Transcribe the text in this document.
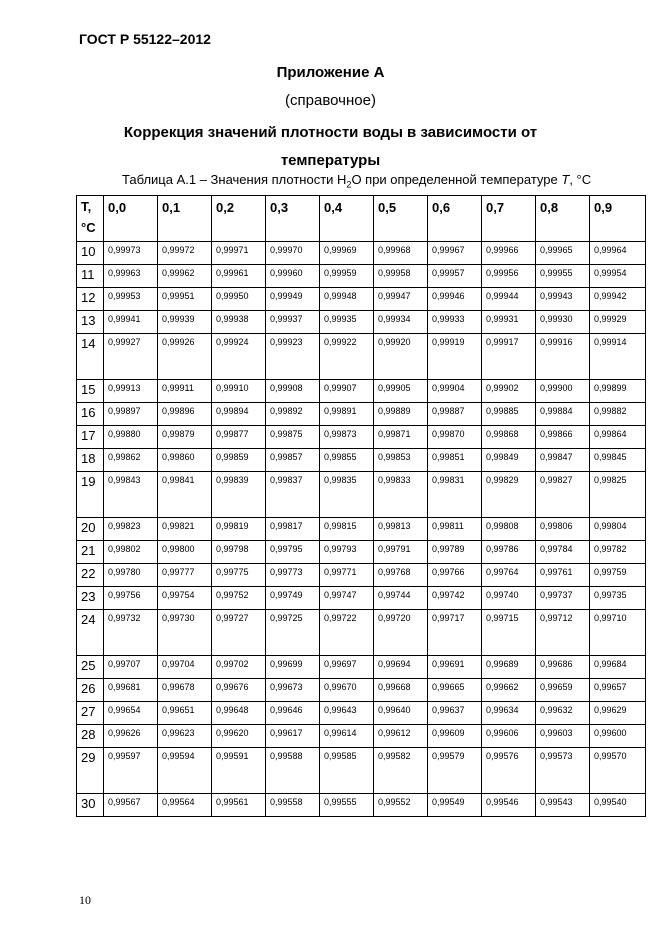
ГОСТ Р 55122–2012
Приложение А
(справочное)
Коррекция значений плотности воды в зависимости от
температуры
Таблица А.1 – Значения плотности $H_2O$ при определенной температуре T, °C
Т,
°С	0,0	0,1	0,2	0,3	0,4	0,5	0,6	0,7	0,8	0,9
10	0,99973	0,99972	0,99971	0,99970	0,99969	0,99968	0,99967	0,99966	0,99965	0,99964
11	0,99963	0,99962	0,99961	0,99960	0,99959	0,99958	0,99957	0,99956	0,99955	0,99954
12	0,99953	0,99951	0,99950	0,99949	0,99948	0,99947	0,99946	0,99944	0,99943	0,99942
13	0,99941	0,99939	0,99938	0,99937	0,99935	0,99934	0,99933	0,99931	0,99930	0,99929
14	0,99927	0,99926	0,99924	0,99923	0,99922	0,99920	0,99919	0,99917	0,99916	0,99914
15	0,99913	0,99911	0,99910	0,99908	0,99907	0,99905	0,99904	0,99902	0,99900	0,99899
16	0,99897	0,99896	0,99894	0,99892	0,99891	0,99889	0,99887	0,99885	0,99884	0,99882
17	0,99880	0,99879	0,99877	0,99875	0,99873	0,99871	0,99870	0,99868	0,99866	0,99864
18	0,99862	0,99860	0,99859	0,99857	0,99855	0,99853	0,99851	0,99849	0,99847	0,99845
19	0,99843	0,99841	0,99839	0,99837	0,99835	0,99833	0,99831	0,99829	0,99827	0,99825
20	0,99823	0,99821	0,99819	0,99817	0,99815	0,99813	0,99811	0,99808	0,99806	0,99804
21	0,99802	0,99800	0,99798	0,99795	0,99793	0,99791	0,99789	0,99786	0,99784	0,99782
22	0,99780	0,99777	0,99775	0,99773	0,99771	0,99768	0,99766	0,99764	0,99761	0,99759
23	0,99756	0,99754	0,99752	0,99749	0,99747	0,99744	0,99742	0,99740	0,99737	0,99735
24	0,99732	0,99730	0,99727	0,99725	0,99722	0,99720	0,99717	0,99715	0,99712	0,99710
25	0,99707	0,99704	0,99702	0,99699	0,99697	0,99694	0,99691	0,99689	0,99686	0,99684
26	0,99681	0,99678	0,99676	0,99673	0,99670	0,99668	0,99665	0,99662	0,99659	0,99657
27	0,99654	0,99651	0,99648	0,99646	0,99643	0,99640	0,99637	0,99634	0,99632	0,99629
28	0,99626	0,99623	0,99620	0,99617	0,99614	0,99612	0,99609	0,99606	0,99603	0,99600
29	0,99597	0,99594	0,99591	0,99588	0,99585	0,99582	0,99579	0,99576	0,99573	0,99570
30	0,99567	0,99564	0,99561	0,99558	0,99555	0,99552	0,99549	0,99546	0,99543	0,99540
10
